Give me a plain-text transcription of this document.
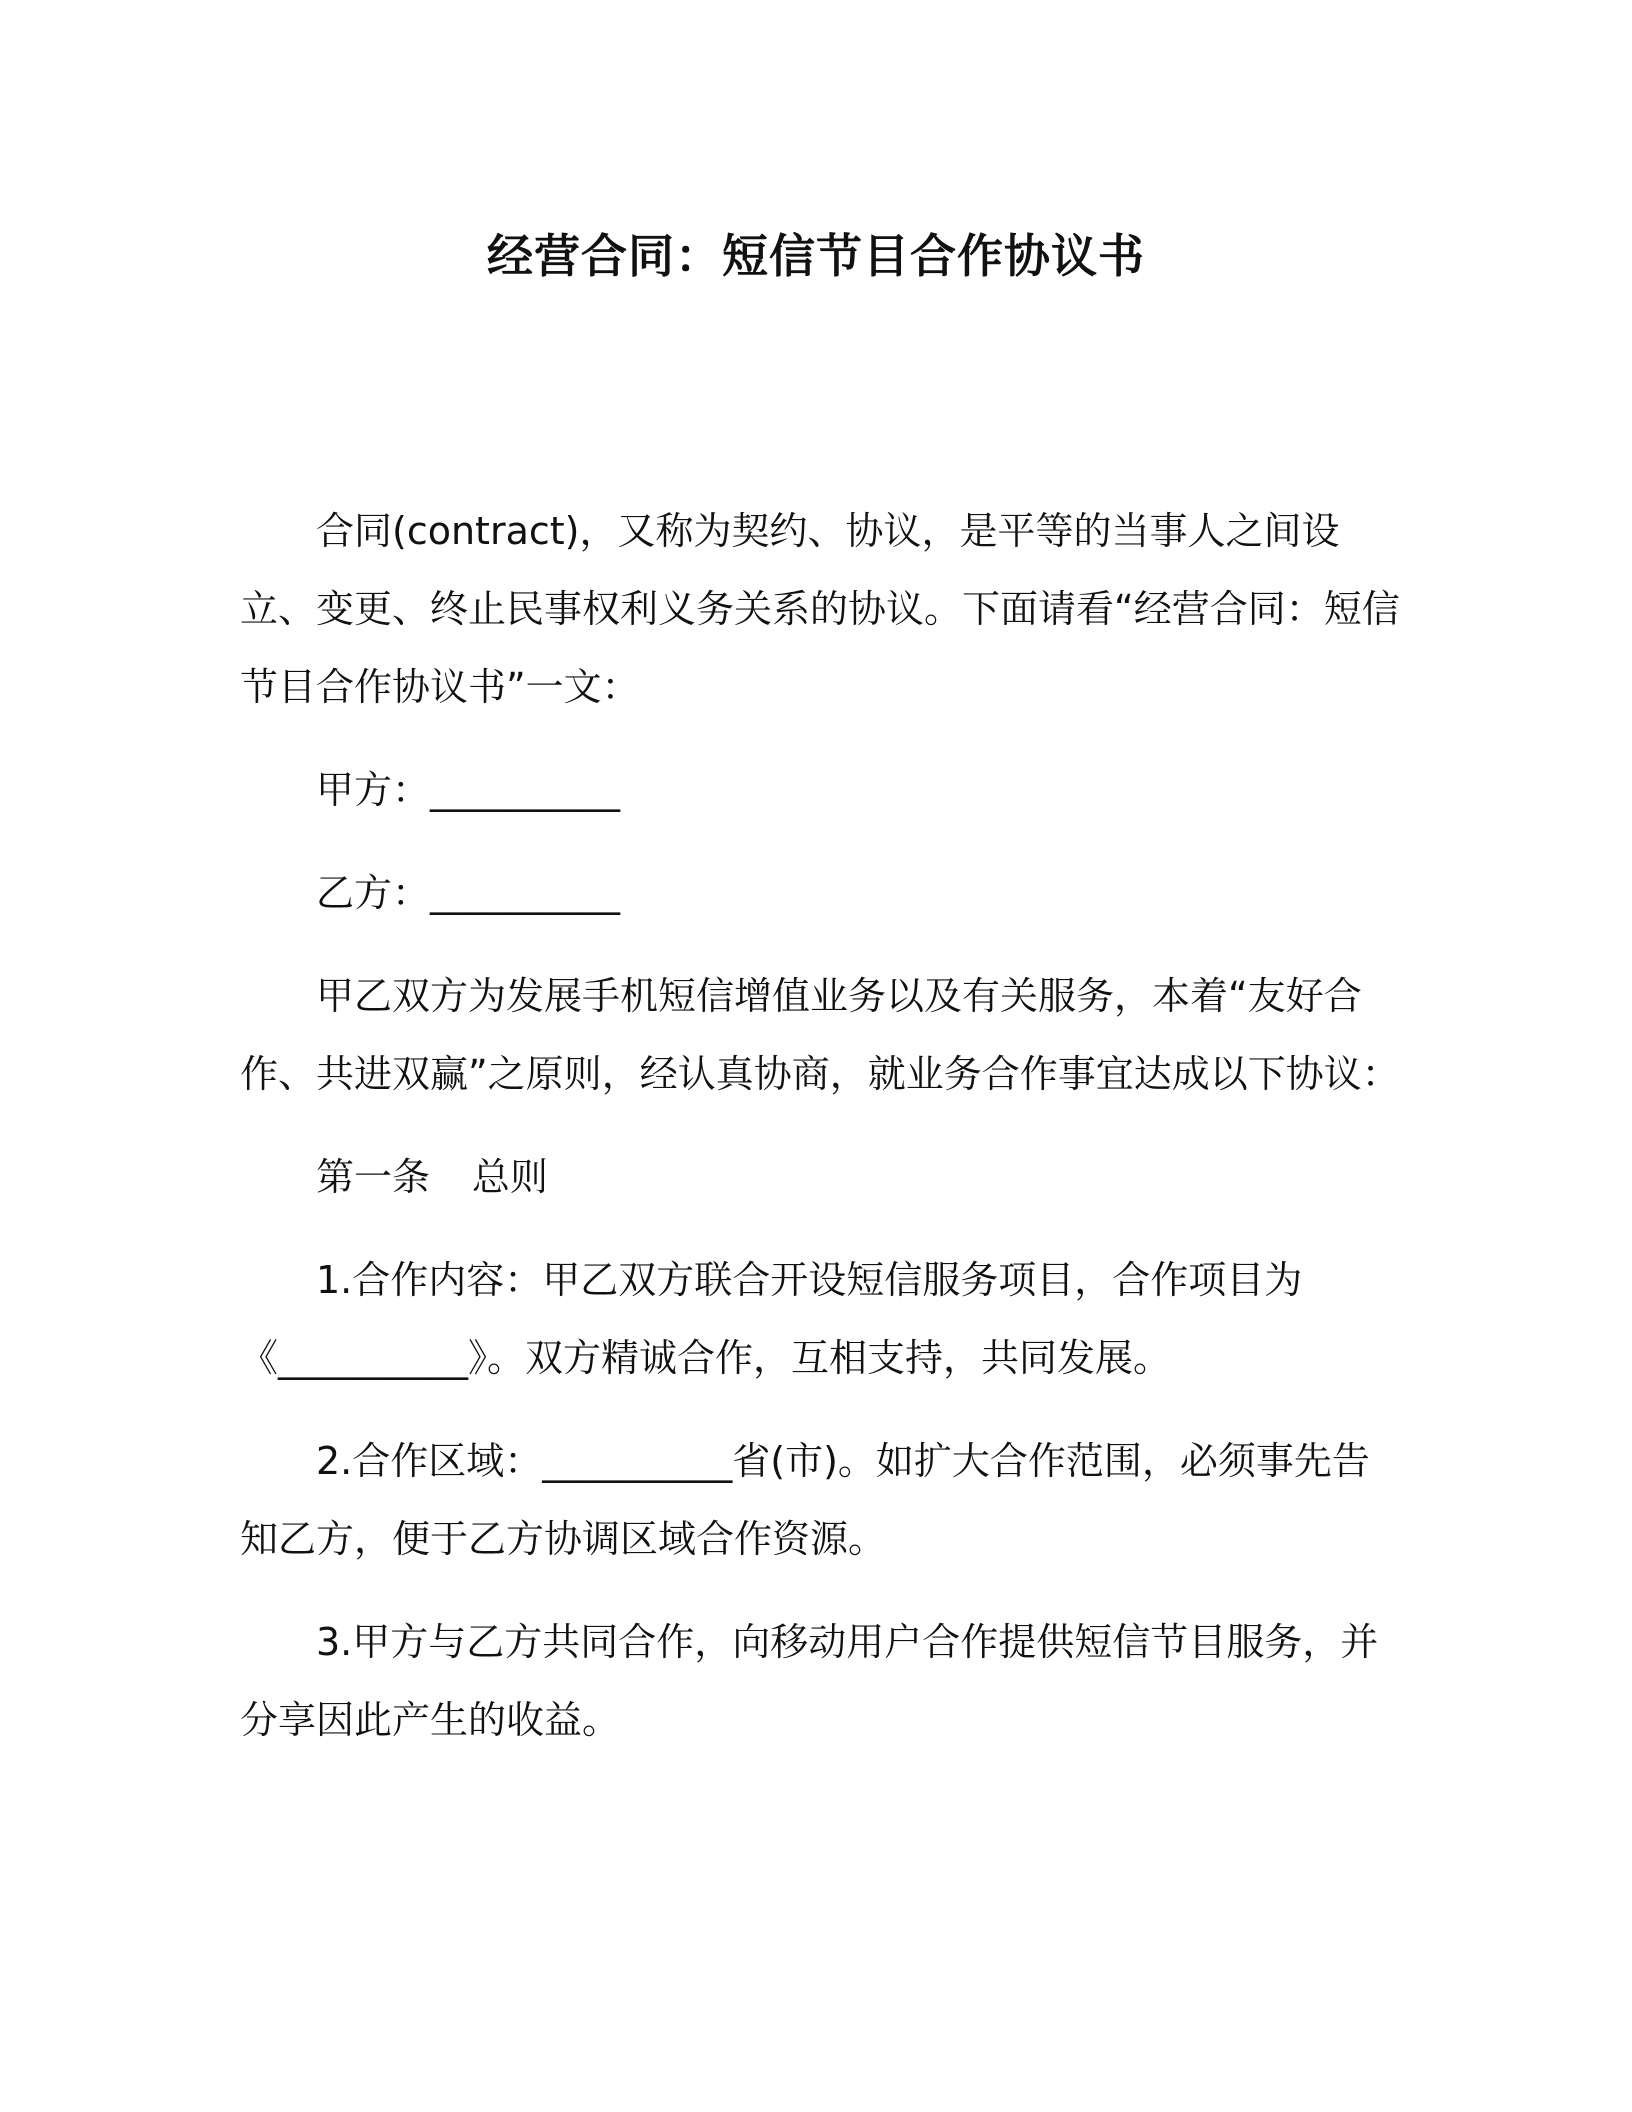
经营合同：短信节目合作协议书

合同(contract)，又称为契约、协议，是平等的当事人之间设立、变更、终止民事权利义务关系的协议。下面请看“经营合同：短信节目合作协议书”一文：

甲方：__________

乙方：__________

甲乙双方为发展手机短信增值业务以及有关服务，本着“友好合作、共进双赢”之原则，经认真协商，就业务合作事宜达成以下协议：

第一条 总则

1.合作内容：甲乙双方联合开设短信服务项目，合作项目为《__________》。双方精诚合作，互相支持，共同发展。

2.合作区域：__________省(市)。如扩大合作范围，必须事先告知乙方，便于乙方协调区域合作资源。

3.甲方与乙方共同合作，向移动用户合作提供短信节目服务，并分享因此产生的收益。
